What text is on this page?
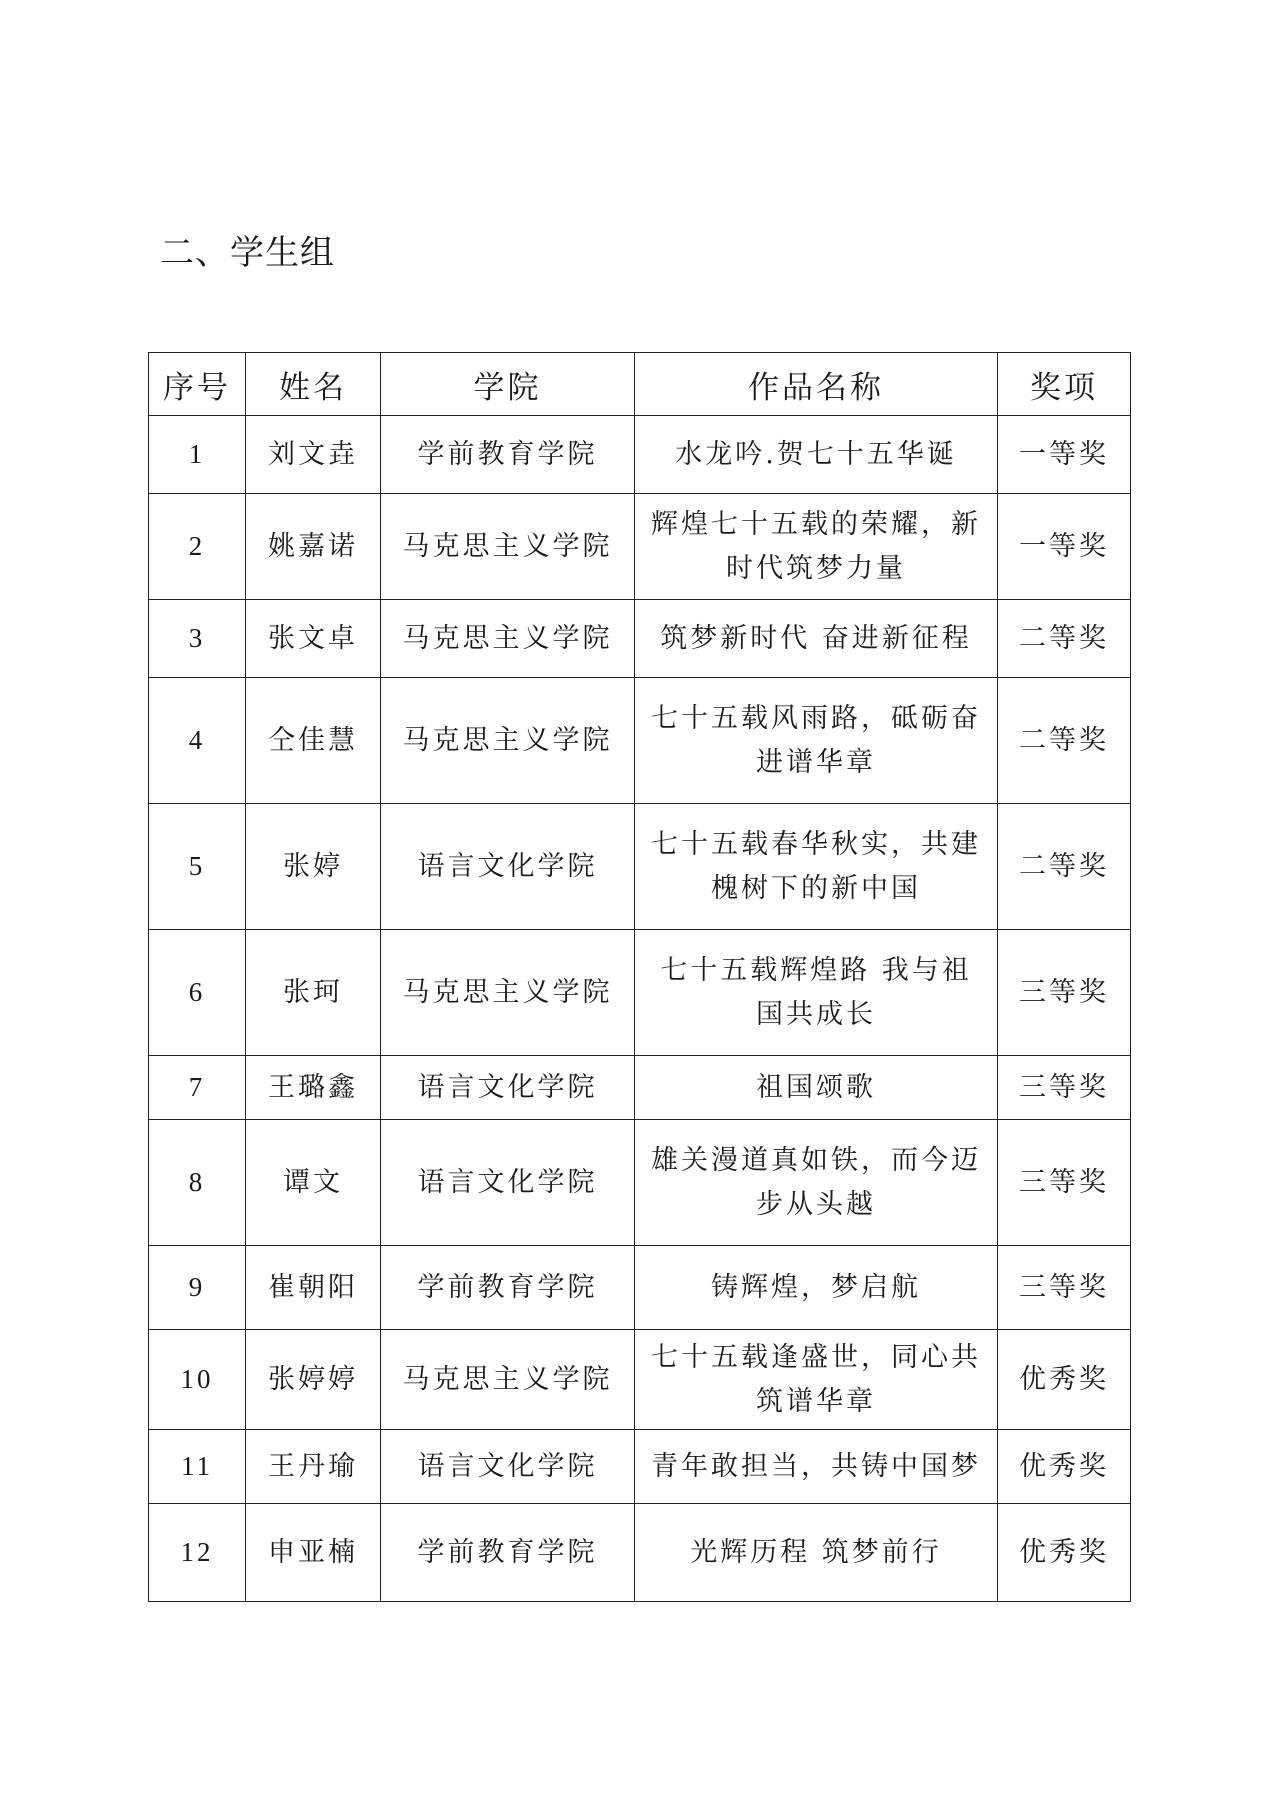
二、学生组
序号	姓名	学院	作品名称	奖项
1	刘文垚	学前教育学院	水龙吟.贺七十五华诞	一等奖
2	姚嘉诺	马克思主义学院	辉煌七十五载的荣耀，新时代筑梦力量	一等奖
3	张文卓	马克思主义学院	筑梦新时代 奋进新征程	二等奖
4	仝佳慧	马克思主义学院	七十五载风雨路，砥砺奋进谱华章	二等奖
5	张婷	语言文化学院	七十五载春华秋实，共建槐树下的新中国	二等奖
6	张珂	马克思主义学院	七十五载辉煌路 我与祖国共成长	三等奖
7	王璐鑫	语言文化学院	祖国颂歌	三等奖
8	谭文	语言文化学院	雄关漫道真如铁，而今迈步从头越	三等奖
9	崔朝阳	学前教育学院	铸辉煌，梦启航	三等奖
10	张婷婷	马克思主义学院	七十五载逢盛世，同心共筑谱华章	优秀奖
11	王丹瑜	语言文化学院	青年敢担当，共铸中国梦	优秀奖
12	申亚楠	学前教育学院	光辉历程 筑梦前行	优秀奖
